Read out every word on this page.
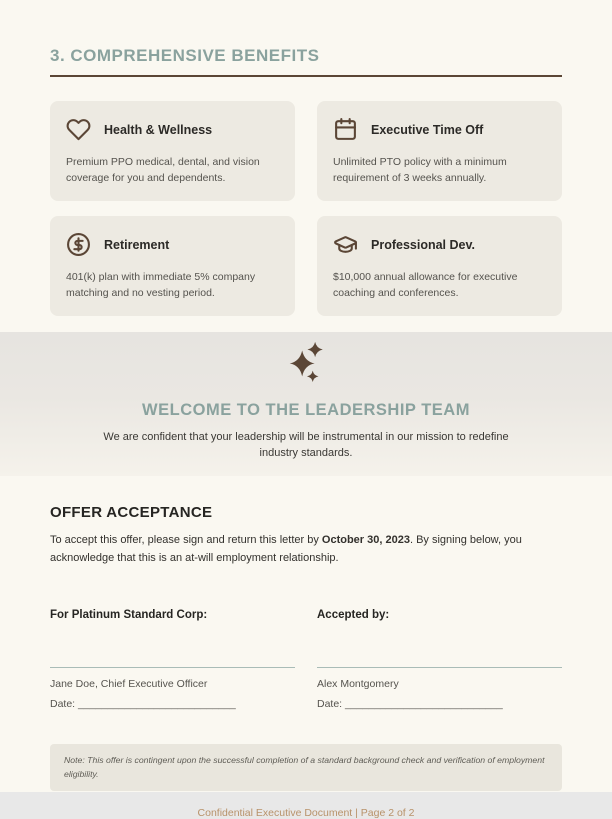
3. COMPREHENSIVE BENEFITS
Health & Wellness
Premium PPO medical, dental, and vision coverage for you and dependents.
Executive Time Off
Unlimited PTO policy with a minimum requirement of 3 weeks annually.
Retirement
401(k) plan with immediate 5% company matching and no vesting period.
Professional Dev.
$10,000 annual allowance for executive coaching and conferences.
WELCOME TO THE LEADERSHIP TEAM
We are confident that your leadership will be instrumental in our mission to redefine industry standards.
OFFER ACCEPTANCE

To accept this offer, please sign and return this letter by October 30, 2023. By signing below, you acknowledge that this is an at-will employment relationship.

For Platinum Standard Corp:
Jane Doe, Chief Executive Officer
Date: ___________________________
Accepted by:
Alex Montgomery
Date: ___________________________
Note: This offer is contingent upon the successful completion of a standard background check and verification of employment eligibility.
Confidential Executive Document | Page 2 of 2
